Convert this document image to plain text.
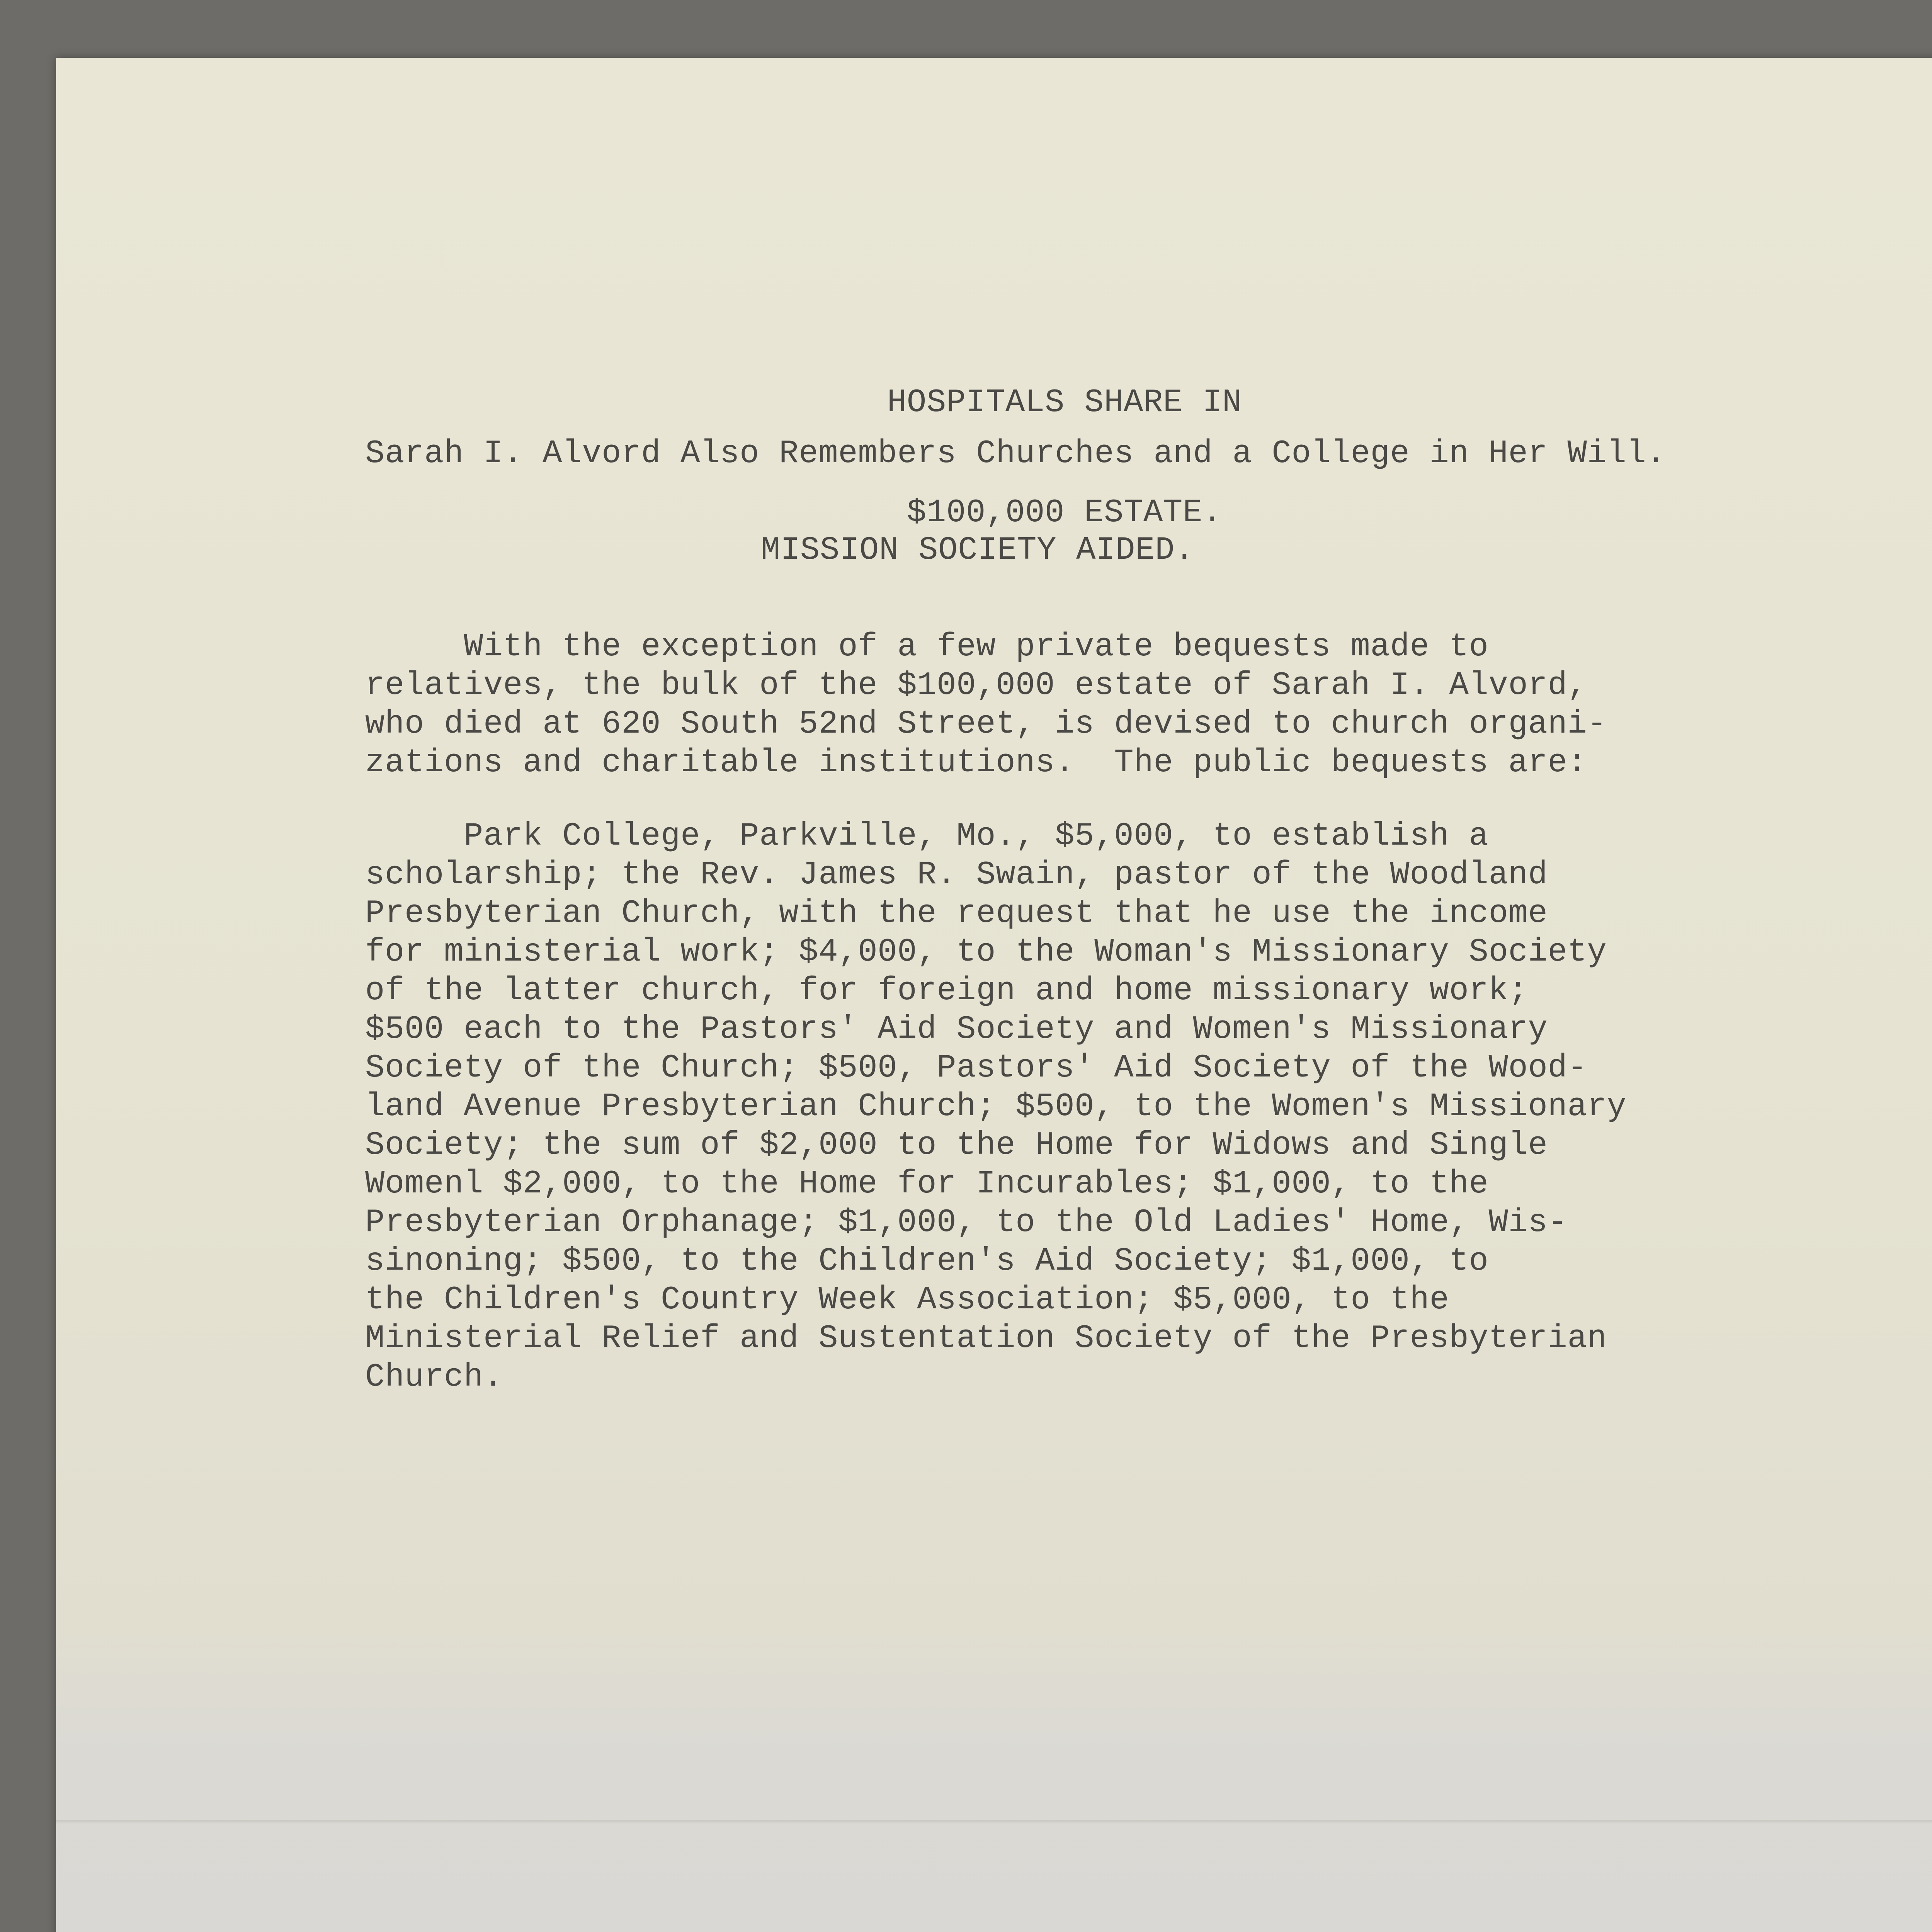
HOSPITALS SHARE IN

$100,000 ESTATE.

Sarah I. Alvord Also Remembers Churches and a College in Her Will.

MISSION SOCIETY AIDED.

With the exception of a few private bequests made to
relatives, the bulk of the $100,000 estate of Sarah I. Alvord,
who died at 620 South 52nd Street, is devised to church organi-
zations and charitable institutions.  The public bequests are:

Park College, Parkville, Mo., $5,000, to establish a
scholarship; the Rev. James R. Swain, pastor of the Woodland
Presbyterian Church, with the request that he use the income
for ministerial work; $4,000, to the Woman's Missionary Society
of the latter church, for foreign and home missionary work;
$500 each to the Pastors' Aid Society and Women's Missionary
Society of the Church; $500, Pastors' Aid Society of the Wood-
land Avenue Presbyterian Church; $500, to the Women's Missionary
Society; the sum of $2,000 to the Home for Widows and Single
Womenl $2,000, to the Home for Incurables; $1,000, to the
Presbyterian Orphanage; $1,000, to the Old Ladies' Home, Wis-
sinoning; $500, to the Children's Aid Society; $1,000, to
the Children's Country Week Association; $5,000, to the
Ministerial Relief and Sustentation Society of the Presbyterian
Church.
